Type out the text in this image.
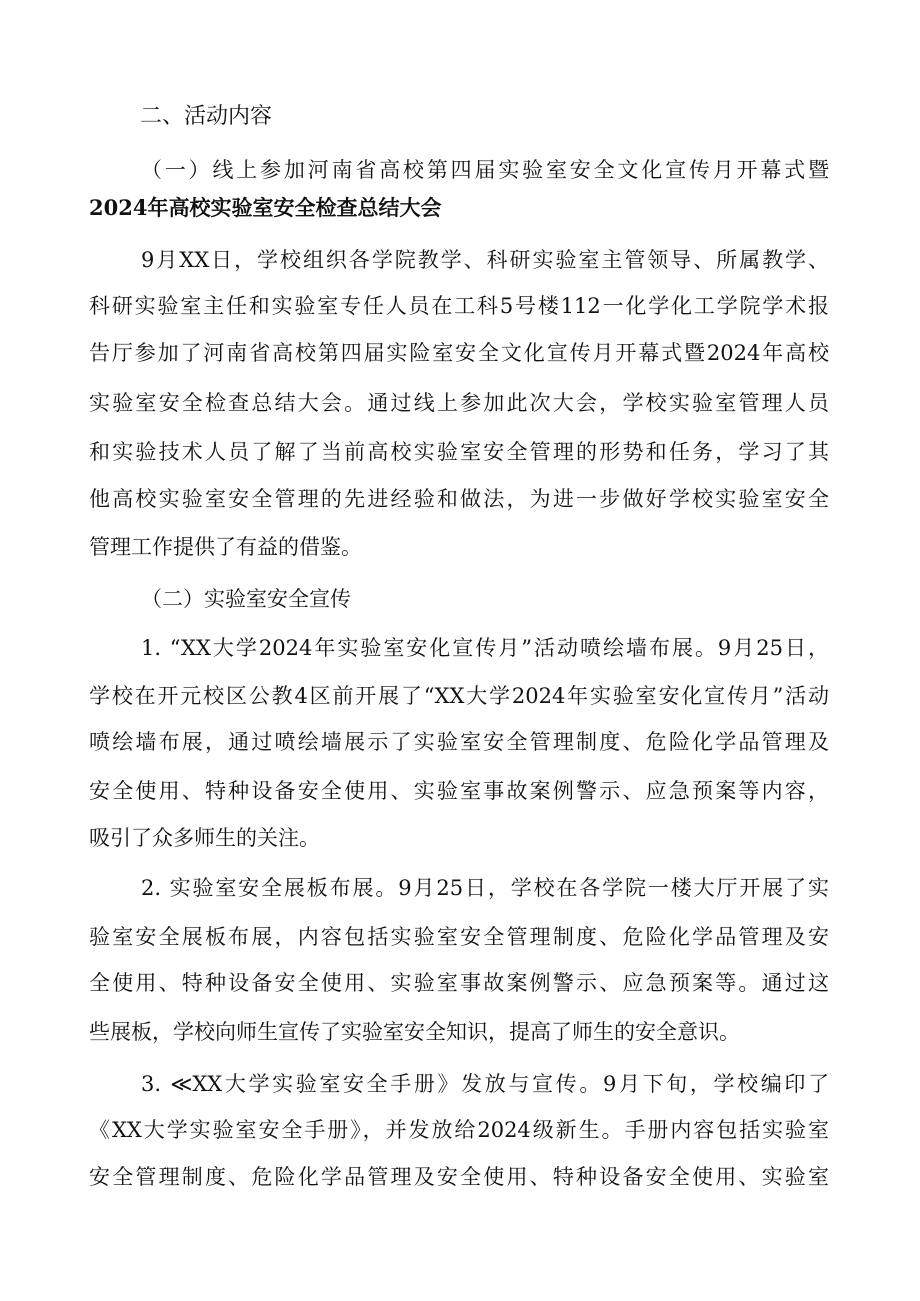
二、活动内容
（一）线上参加河南省高校第四届实验室安全文化宣传月开幕式暨
2024年高校实验室安全检查总结大会
9月XX日，学校组织各学院教学、科研实验室主管领导、所属教学、
科研实验室主任和实验室专任人员在工科5号楼112一化学化工学院学术报
告厅参加了河南省高校第四届实险室安全文化宣传月开幕式暨2024年高校
实验室安全检查总结大会。通过线上参加此次大会，学校实验室管理人员
和实验技术人员了解了当前高校实验室安全管理的形势和任务，学习了其
他高校实验室安全管理的先进经验和做法，为进一步做好学校实验室安全
管理工作提供了有益的借鉴。
（二）实验室安全宣传
1. “XX大学2024年实验室安化宣传月”活动喷绘墙布展。9月25日，
学校在开元校区公教4区前开展了“XX大学2024年实验室安化宣传月”活动
喷绘墙布展，通过喷绘墙展示了实验室安全管理制度、危险化学品管理及
安全使用、特种设备安全使用、实验室事故案例警示、应急预案等内容，
吸引了众多师生的关注。
2. 实验室安全展板布展。9月25日，学校在各学院一楼大厅开展了实
验室安全展板布展，内容包括实验室安全管理制度、危险化学品管理及安
全使用、特种设备安全使用、实验室事故案例警示、应急预案等。通过这
些展板，学校向师生宣传了实验室安全知识，提高了师生的安全意识。
3. ≪XX大学实验室安全手册》发放与宣传。9月下旬，学校编印了
《XX大学实验室安全手册》，并发放给2024级新生。手册内容包括实验室
安全管理制度、危险化学品管理及安全使用、特种设备安全使用、实验室
